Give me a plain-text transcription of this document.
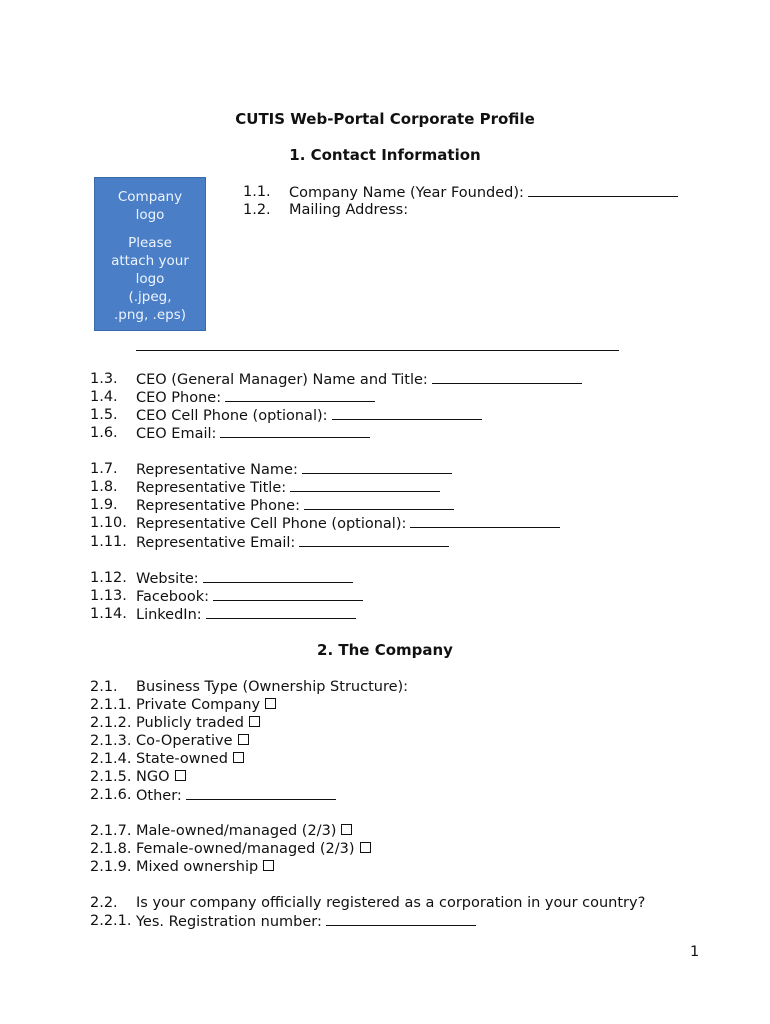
CUTIS Web-Portal Corporate Profile
1. Contact Information
Company
logo
Please
attach your
logo
(.jpeg,
.png, .eps)
1.1. Company Name (Year Founded):
1.2. Mailing Address:
1.3. CEO (General Manager) Name and Title:
1.4. CEO Phone:
1.5. CEO Cell Phone (optional):
1.6. CEO Email:
1.7. Representative Name:
1.8. Representative Title:
1.9. Representative Phone:
1.10. Representative Cell Phone (optional):
1.11. Representative Email:
1.12. Website:
1.13. Facebook:
1.14. LinkedIn:
2. The Company
2.1. Business Type (Ownership Structure):
2.1.1. Private Company
2.1.2. Publicly traded
2.1.3. Co-Operative
2.1.4. State-owned
2.1.5. NGO
2.1.6. Other:
2.1.7. Male-owned/managed (2/3)
2.1.8. Female-owned/managed (2/3)
2.1.9. Mixed ownership
2.2. Is your company officially registered as a corporation in your country?
2.2.1. Yes. Registration number:
1
